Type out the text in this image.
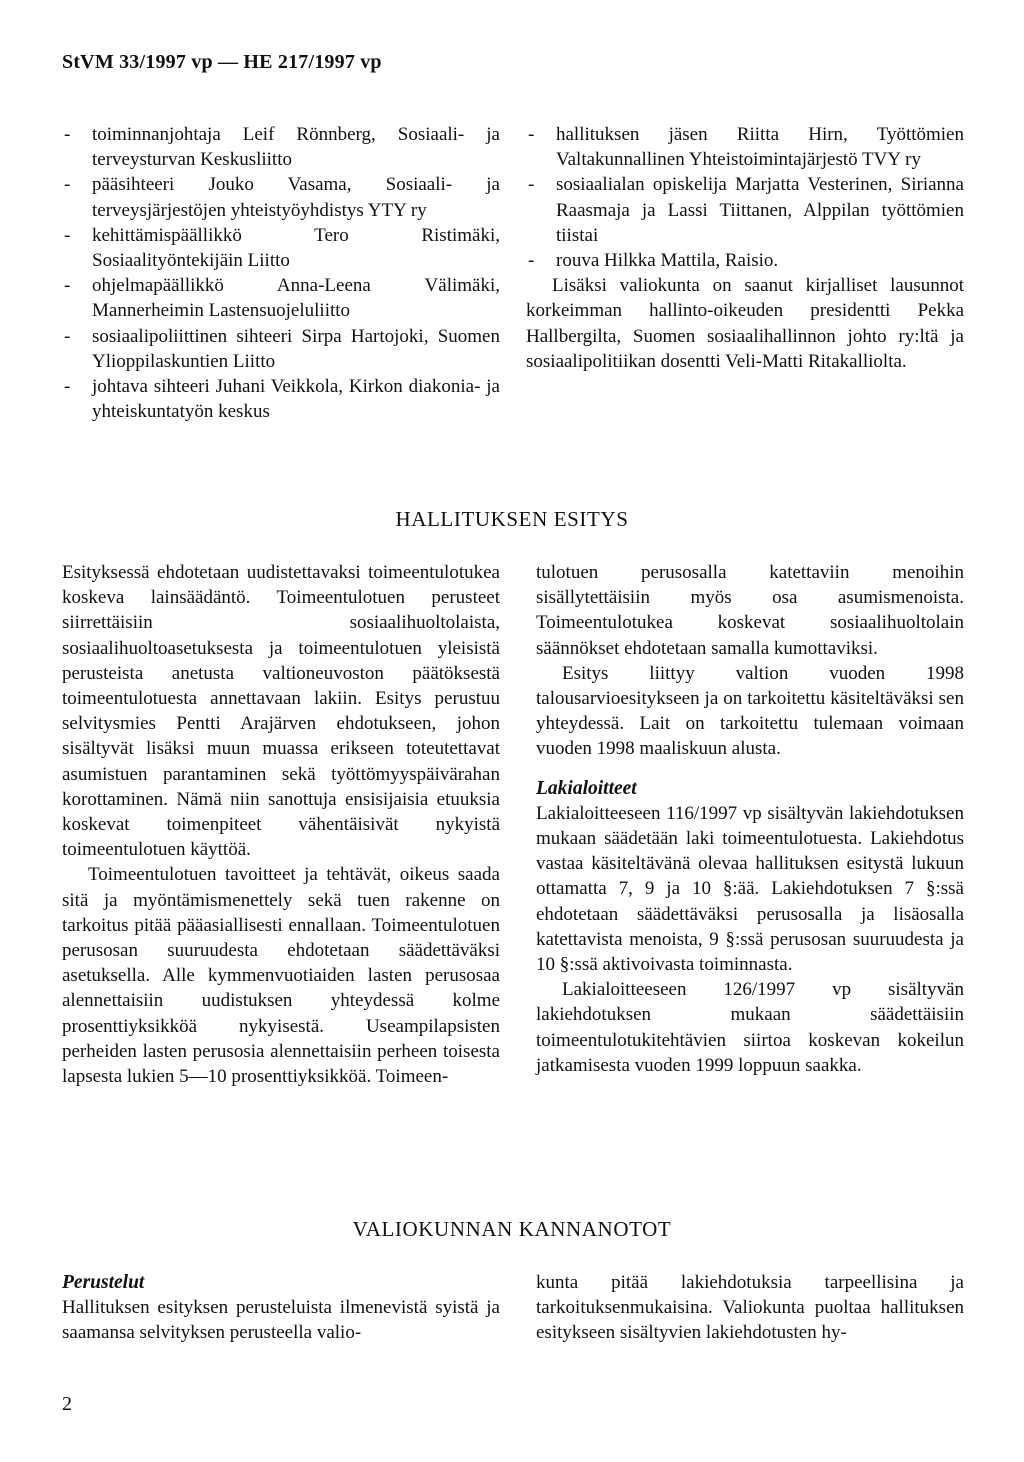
StVM 33/1997 vp — HE 217/1997 vp
- toiminnanjohtaja Leif Rönnberg, Sosiaali- ja terveysturvan Keskusliitto
- pääsihteeri Jouko Vasama, Sosiaali- ja terveysjärjestöjen yhteistyöyhdistys YTY ry
- kehittämispäällikkö Tero Ristimäki, Sosiaalityöntekijäin Liitto
- ohjelmapäällikkö Anna-Leena Välimäki, Mannerheimin Lastensuojeluliitto
- sosiaalipoliittinen sihteeri Sirpa Hartojoki, Suomen Ylioppilaskuntien Liitto
- johtava sihteeri Juhani Veikkola, Kirkon diakonia- ja yhteiskuntatyön keskus
- hallituksen jäsen Riitta Hirn, Työttömien Valtakunnallinen Yhteistoimintajärjestö TVY ry
- sosiaalialan opiskelija Marjatta Vesterinen, Sirianna Raasmaja ja Lassi Tiittanen, Alppilan työttömien tiistai
- rouva Hilkka Mattila, Raisio.

Lisäksi valiokunta on saanut kirjalliset lausunnot korkeimman hallinto-oikeuden presidentti Pekka Hallbergilta, Suomen sosiaalihallinnon johto ry:ltä ja sosiaalipolitiikan dosentti Veli-Matti Ritakalliolta.

HALLITUKSEN ESITYS

Esityksessä ehdotetaan uudistettavaksi toimeentulotukea koskeva lainsäädäntö. Toimeentulotuen perusteet siirrettäisiin sosiaalihuoltolaista, sosiaalihuoltoasetuksesta ja toimeentulotuen yleisistä perusteista anetusta valtioneuvoston päätöksestä toimeentulotuesta annettavaan lakiin. Esitys perustuu selvitysmies Pentti Arajärven ehdotukseen, johon sisältyvät lisäksi muun muassa erikseen toteutettavat asumistuen parantaminen sekä työttömyyspäivärahan korottaminen. Nämä niin sanottuja ensisijaisia etuuksia koskevat toimenpiteet vähentäisivät nykyistä toimeentulotuen käyttöä.

Toimeentulotuen tavoitteet ja tehtävät, oikeus saada sitä ja myöntämismenettely sekä tuen rakenne on tarkoitus pitää pääasiallisesti ennallaan. Toimeentulotuen perusosan suuruudesta ehdotetaan säädettäväksi asetuksella. Alle kymmenvuotiaiden lasten perusosaa alennettaisiin uudistuksen yhteydessä kolme prosenttiyksikköä nykyisestä. Useampilapsisten perheiden lasten perusosia alennettaisiin perheen toisesta lapsesta lukien 5—10 prosenttiyksikköä. Toimeen-

tulotuen perusosalla katettaviin menoihin sisällytettäisiin myös osa asumismenoista. Toimeentulotukea koskevat sosiaalihuoltolain säännökset ehdotetaan samalla kumottaviksi.

Esitys liittyy valtion vuoden 1998 talousarvioesitykseen ja on tarkoitettu käsiteltäväksi sen yhteydessä. Lait on tarkoitettu tulemaan voimaan vuoden 1998 maaliskuun alusta.

Lakialoitteet

Lakialoitteeseen 116/1997 vp sisältyvän lakiehdotuksen mukaan säädetään laki toimeentulotuesta. Lakiehdotus vastaa käsiteltävänä olevaa hallituksen esitystä lukuun ottamatta 7, 9 ja 10 §:ää. Lakiehdotuksen 7 §:ssä ehdotetaan säädettäväksi perusosalla ja lisäosalla katettavista menoista, 9 §:ssä perusosan suuruudesta ja 10 §:ssä aktivoivasta toiminnasta.

Lakialoitteeseen 126/1997 vp sisältyvän lakiehdotuksen mukaan säädettäisiin toimeentulotukitehtävien siirtoa koskevan kokeilun jatkamisesta vuoden 1999 loppuun saakka.

VALIOKUNNAN KANNANOTOT

Perustelut

Hallituksen esityksen perusteluista ilmenevistä syistä ja saamansa selvityksen perusteella valio-

kunta pitää lakiehdotuksia tarpeellisina ja tarkoituksenmukaisina. Valiokunta puoltaa hallituksen esitykseen sisältyvien lakiehdotusten hy-

2
